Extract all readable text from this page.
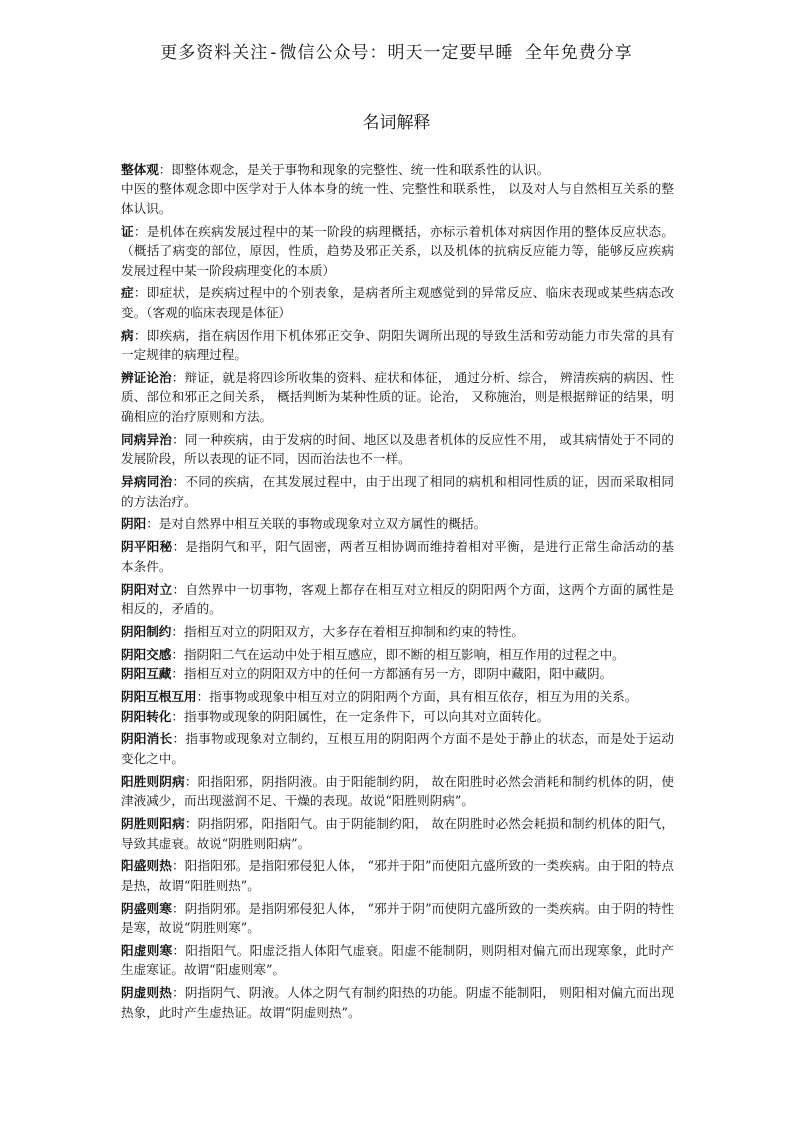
更多资料关注-微信公众号：明天一定要早睡 全年免费分享
名词解释

整体观：即整体观念，是关于事物和现象的完整性、统一性和联系性的认识。

中医的整体观念即中医学对于人体本身的统一性、完整性和联系性， 以及对人与自然相互关系的整体认识。

证：是机体在疾病发展过程中的某一阶段的病理概括，亦标示着机体对病因作用的整体反应状态。（概括了病变的部位，原因，性质，趋势及邪正关系，以及机体的抗病反应能力等，能够反应疾病发展过程中某一阶段病理变化的本质）

症：即症状，是疾病过程中的个别表象，是病者所主观感觉到的异常反应、临床表现或某些病态改变。（客观的临床表现是体征）

病：即疾病，指在病因作用下机体邪正交争、阴阳失调所出现的导致生活和劳动能力市失常的具有一定规律的病理过程。

辨证论治：辩证，就是将四诊所收集的资料、症状和体征， 通过分析、综合， 辨清疾病的病因、性质、部位和邪正之间关系， 概括判断为某种性质的证。论治， 又称施治，则是根据辩证的结果，明确相应的治疗原则和方法。

同病异治：同一种疾病，由于发病的时间、地区以及患者机体的反应性不用， 或其病情处于不同的发展阶段，所以表现的证不同，因而治法也不一样。

异病同治：不同的疾病，在其发展过程中，由于出现了相同的病机和相同性质的证，因而采取相同的方法治疗。

阴阳：是对自然界中相互关联的事物或现象对立双方属性的概括。

阴平阳秘：是指阴气和平，阳气固密，两者互相协调而维持着相对平衡，是进行正常生命活动的基本条件。

阴阳对立：自然界中一切事物，客观上都存在相互对立相反的阴阳两个方面，这两个方面的属性是相反的，矛盾的。

阴阳制约：指相互对立的阴阳双方，大多存在着相互抑制和约束的特性。

阴阳交感：指阴阳二气在运动中处于相互感应，即不断的相互影响，相互作用的过程之中。

阴阳互藏：指相互对立的阴阳双方中的任何一方都涵有另一方，即阴中藏阳，阳中藏阴。

阴阳互根互用：指事物或现象中相互对立的阴阳两个方面，具有相互依存，相互为用的关系。

阴阳转化：指事物或现象的阴阳属性，在一定条件下，可以向其对立面转化。

阴阳消长：指事物或现象对立制约，互根互用的阴阳两个方面不是处于静止的状态，而是处于运动变化之中。

阳胜则阴病：阳指阳邪，阴指阴液。由于阳能制约阴， 故在阳胜时必然会消耗和制约机体的阴，使津液减少，而出现滋润不足、干燥的表现。故说“阳胜则阴病”。

阴胜则阳病：阴指阴邪，阳指阳气。由于阴能制约阳， 故在阴胜时必然会耗损和制约机体的阳气，导致其虚衰。故说“阴胜则阳病”。

阳盛则热：阳指阳邪。是指阳邪侵犯人体， “邪并于阳”而使阳亢盛所致的一类疾病。由于阳的特点是热，故谓“阳胜则热”。

阴盛则寒：阴指阴邪。是指阴邪侵犯人体， “邪并于阴”而使阴亢盛所致的一类疾病。由于阴的特性是寒，故说“阴胜则寒”。

阳虚则寒：阳指阳气。阳虚泛指人体阳气虚衰。阳虚不能制阴，则阴相对偏亢而出现寒象，此时产生虚寒证。故谓“阳虚则寒”。

阴虚则热：阴指阴气、阴液。人体之阴气有制约阳热的功能。阴虚不能制阳， 则阳相对偏亢而出现热象，此时产生虚热证。故谓“阴虚则热”。
